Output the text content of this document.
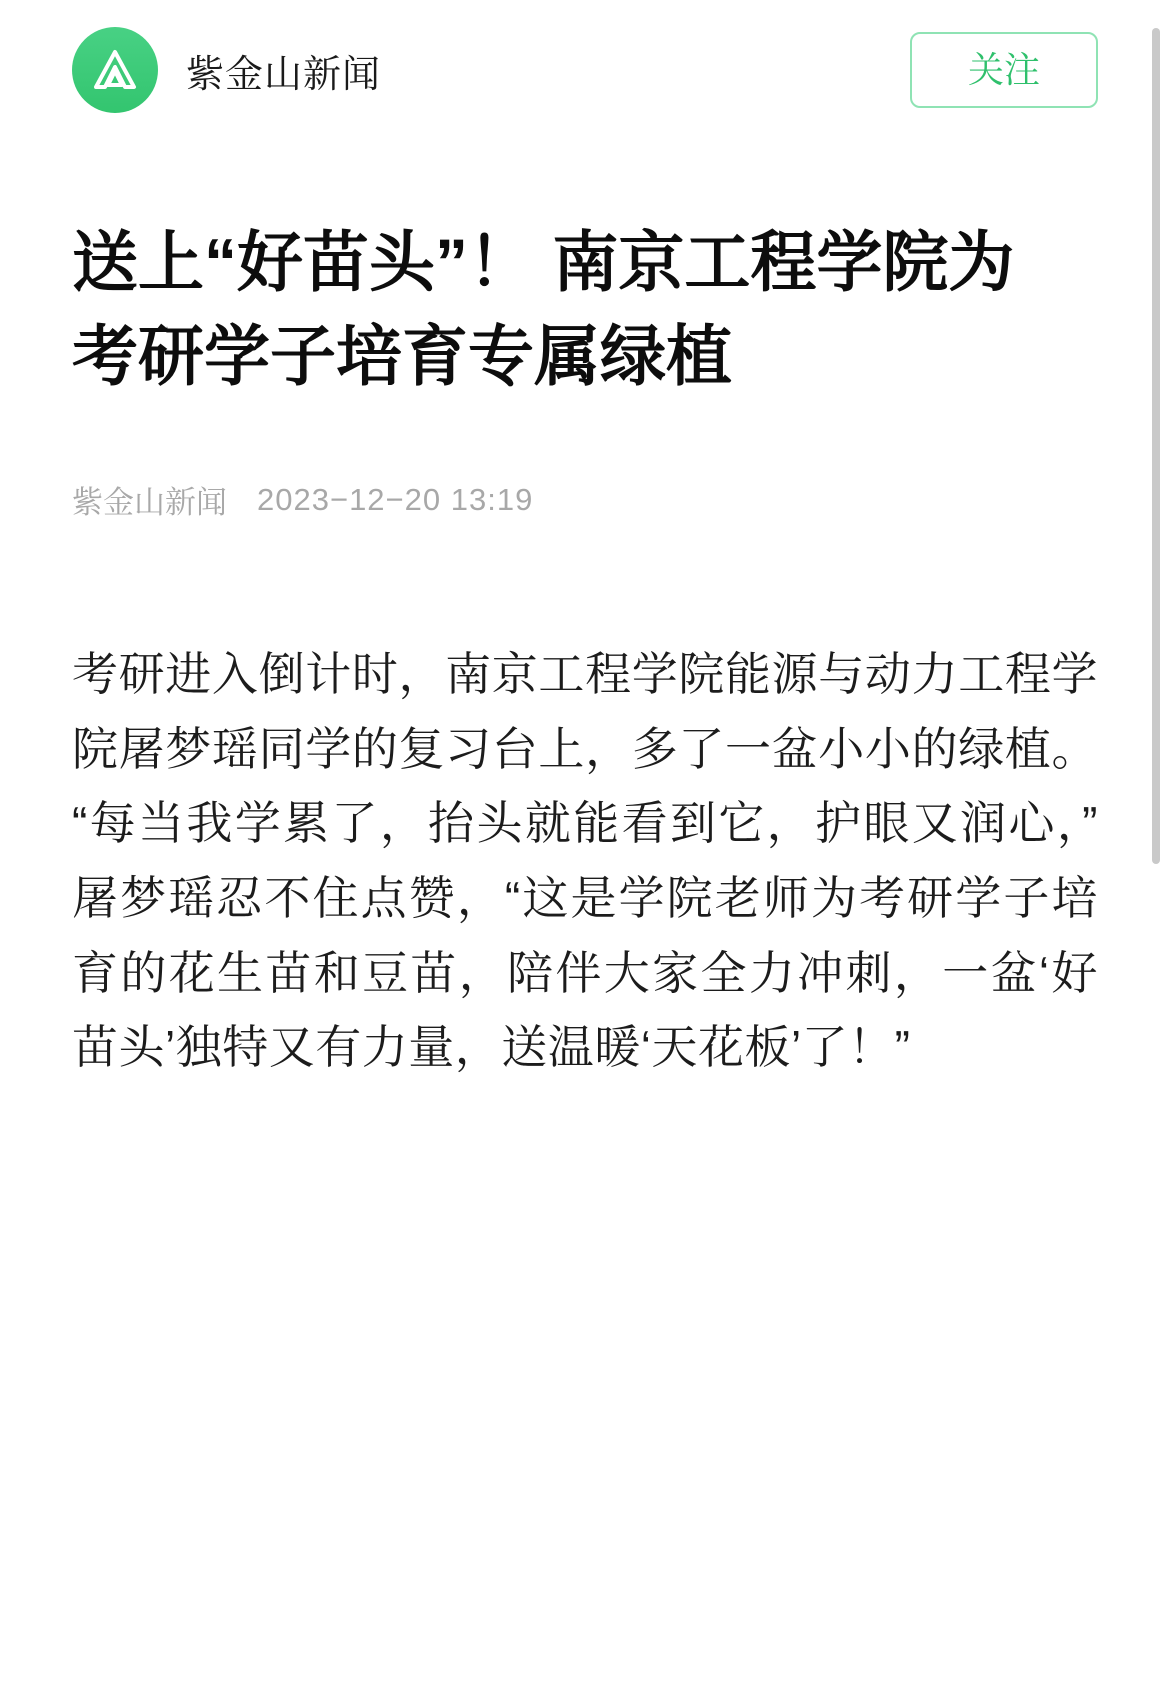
紫金山新闻	关注
送上“好苗头”！ 南京工程学院为考研学子培育专属绿植
紫金山新闻 2023−12−20 13:19

考研进入倒计时，南京工程学院能源与动力工程学院屠梦瑶同学的复习台上，多了一盆小小的绿植。“每当我学累了，抬头就能看到它，护眼又润心，”屠梦瑶忍不住点赞，“这是学院老师为考研学子培育的花生苗和豆苗，陪伴大家全力冲刺，一盆‘好苗头’独特又有力量，送温暖‘天花板’了！”
